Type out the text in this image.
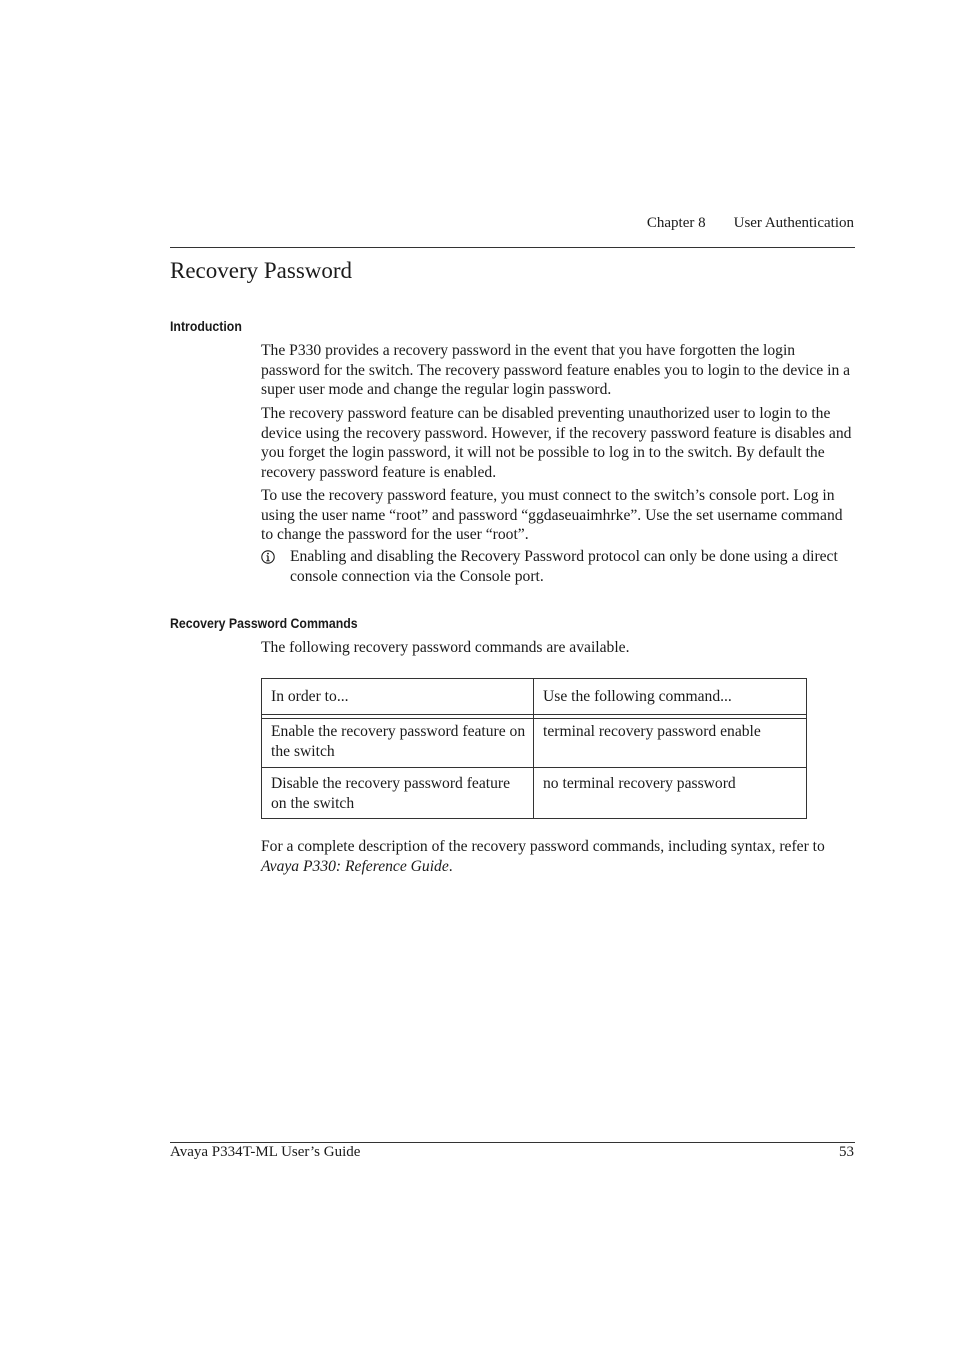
Chapter 8 User Authentication
Recovery Password
Introduction

The P330 provides a recovery password in the event that you have forgotten the login password for the switch. The recovery password feature enables you to login to the device in a super user mode and change the regular login password.

The recovery password feature can be disabled preventing unauthorized user to login to the device using the recovery password. However, if the recovery password feature is disables and you forget the login password, it will not be possible to log in to the switch. By default the recovery password feature is enabled.

To use the recovery password feature, you must connect to the switch’s console port. Log in using the user name “root” and password “ggdaseuaimhrke”. Use the set username command to change the password for the user “root”.

Enabling and disabling the Recovery Password protocol can only be done using a direct console connection via the Console port.

Recovery Password Commands

The following recovery password commands are available.

In order to...	Use the following command...

Enable the recovery password feature on the switch

terminal recovery password enable

Disable the recovery password feature on the switch

no terminal recovery password

For a complete description of the recovery password commands, including syntax, refer to Avaya P330: Reference Guide.

Avaya P334T-ML User’s Guide	53
